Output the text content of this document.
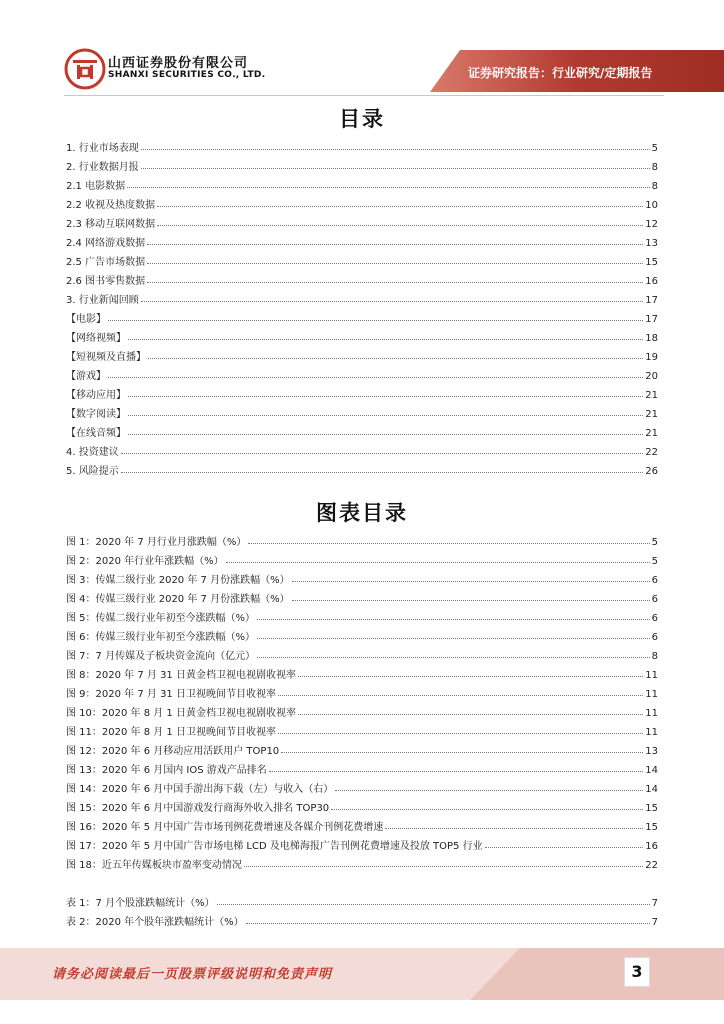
山西证券股份有限公司
SHANXI SECURITIES CO., LTD.	证券研究报告：行业研究/定期报告
目录
1. 行业市场表现	5
2. 行业数据月报	8
2.1 电影数据	8
2.2 收视及热度数据	10
2.3 移动互联网数据	12
2.4 网络游戏数据	13
2.5 广告市场数据	15
2.6 图书零售数据	16
3. 行业新闻回顾	17
【电影】	17
【网络视频】	18
【短视频及直播】	19
【游戏】	20
【移动应用】	21
【数字阅读】	21
【在线音频】	21
4. 投资建议	22
5. 风险提示	26
图表目录
图 1：2020 年 7 月行业月涨跌幅（%）	5
图 2：2020 年行业年涨跌幅（%）	5
图 3：传媒二级行业 2020 年 7 月份涨跌幅（%）	6
图 4：传媒三级行业 2020 年 7 月份涨跌幅（%）	6
图 5：传媒二级行业年初至今涨跌幅（%）	6
图 6：传媒三级行业年初至今涨跌幅（%）	6
图 7：7 月传媒及子板块资金流向（亿元）	8
图 8：2020 年 7 月 31 日黄金档卫视电视剧收视率	11
图 9：2020 年 7 月 31 日卫视晚间节目收视率	11
图 10：2020 年 8 月 1 日黄金档卫视电视剧收视率	11
图 11：2020 年 8 月 1 日卫视晚间节目收视率	11
图 12：2020 年 6 月移动应用活跃用户 TOP10	13
图 13：2020 年 6 月国内 IOS 游戏产品排名	14
图 14：2020 年 6 月中国手游出海下载（左）与收入（右）	14
图 15：2020 年 6 月中国游戏发行商海外收入排名 TOP30	15
图 16：2020 年 5 月中国广告市场刊例花费增速及各媒介刊例花费增速	15
图 17：2020 年 5 月中国广告市场电梯 LCD 及电梯海报广告刊例花费增速及投放 TOP5 行业	16
图 18：近五年传媒板块市盈率变动情况	22
表 1：7 月个股涨跌幅统计（%）	7
表 2：2020 年个股年涨跌幅统计（%）	7
请务必阅读最后一页股票评级说明和免责声明	3
